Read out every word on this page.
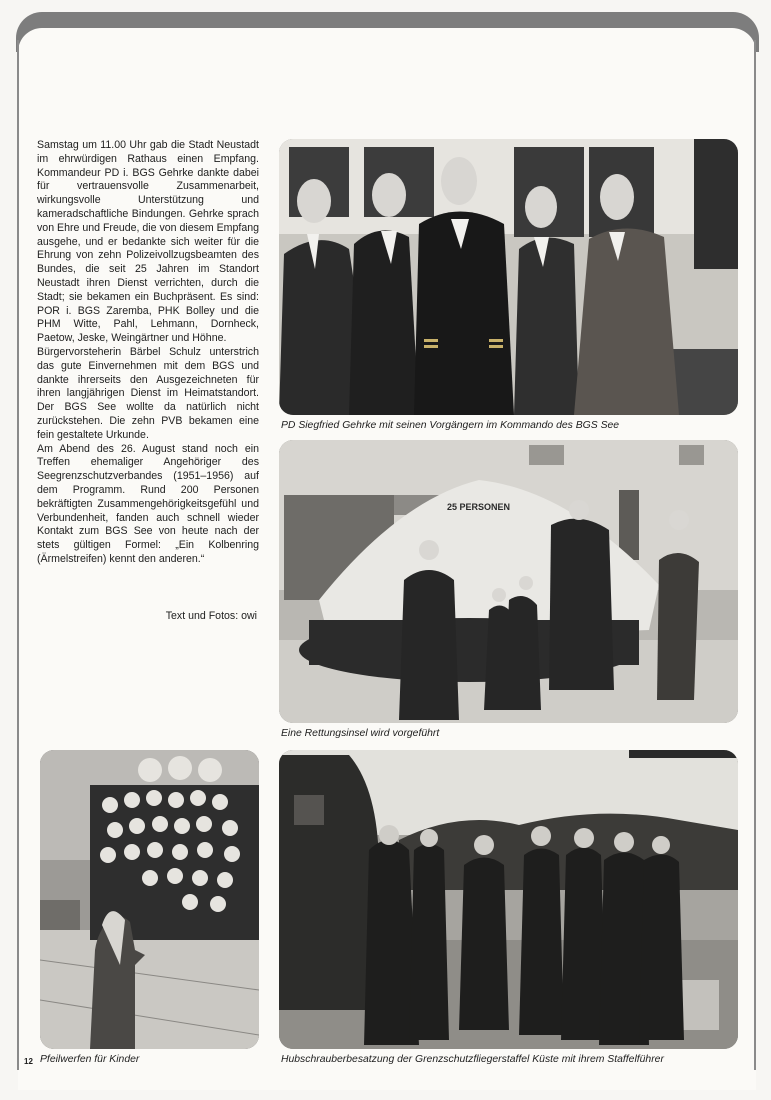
Samstag um 11.00 Uhr gab die Stadt Neustadt im ehrwürdigen Rathaus einen Empfang. Kommandeur PD i. BGS Gehrke dankte dabei für vertrauensvolle Zusammenarbeit, wirkungsvolle Unterstützung und kameradschaftliche Bindungen. Gehrke sprach von Ehre und Freude, die von diesem Empfang ausgehe, und er bedankte sich weiter für die Ehrung von zehn Polizeivollzugsbeamten des Bundes, die seit 25 Jahren im Standort Neustadt ihren Dienst verrichten, durch die Stadt; sie bekamen ein Buchpräsent. Es sind: POR i. BGS Zaremba, PHK Bolley und die PHM Witte, Pahl, Lehmann, Dornheck, Paetow, Jeske, Weingärtner und Höhne.

Bürgervorsteherin Bärbel Schulz unterstrich das gute Einvernehmen mit dem BGS und dankte ihrerseits den Ausgezeichneten für ihren langjährigen Dienst im Heimatstandort. Der BGS See wollte da natürlich nicht zurückstehen. Die zehn PVB bekamen eine fein gestaltete Urkunde.

Am Abend des 26. August stand noch ein Treffen ehemaliger Angehöriger des Seegrenzschutzverbandes (1951–1956) auf dem Programm. Rund 200 Personen bekräftigten Zusammengehörigkeitsgefühl und Verbundenheit, fanden auch schnell wieder Kontakt zum BGS See von heute nach der stets gültigen Formel: „Ein Kolbenring (Ärmelstreifen) kennt den anderen.“

Text und Fotos: owi
PD Siegfried Gehrke mit seinen Vorgängern im Kommando des BGS See
25 PERSONEN
Eine Rettungsinsel wird vorgeführt
Pfeilwerfen für Kinder	Hubschrauberbesatzung der Grenzschutzfliegerstaffel Küste mit ihrem Staffelführer
12
